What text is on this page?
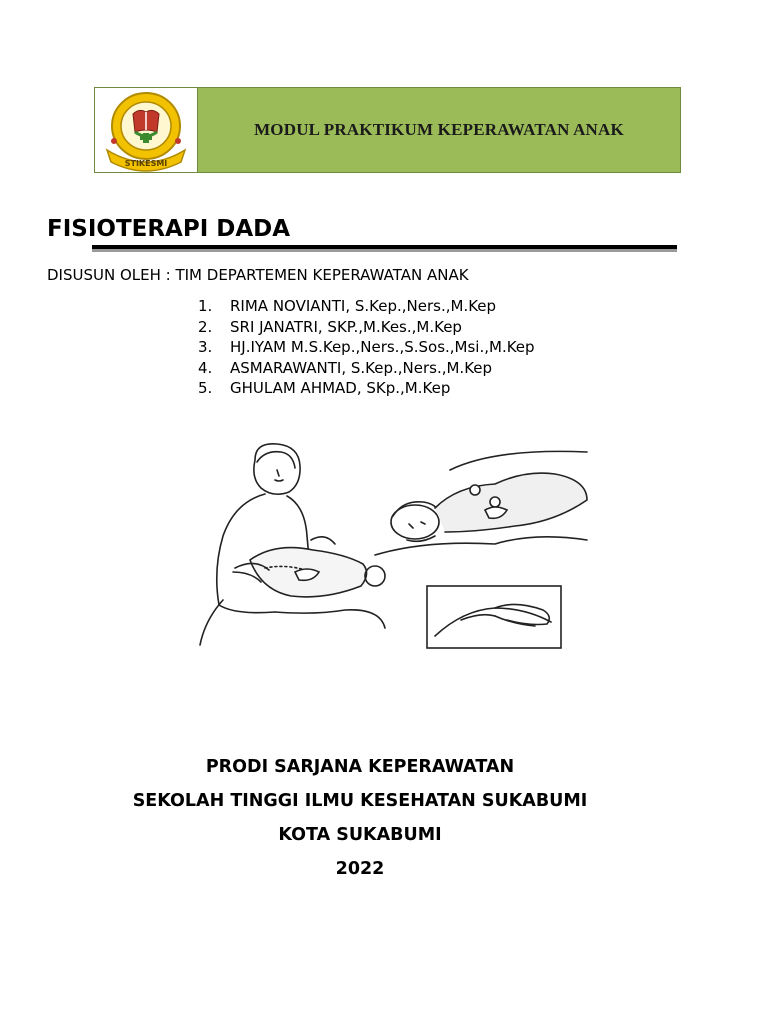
STIKESMI
MODUL PRAKTIKUM KEPERAWATAN ANAK
FISIOTERAPI DADA
DISUSUN OLEH : TIM DEPARTEMEN KEPERAWATAN ANAK
1. RIMA NOVIANTI, S.Kep.,Ners.,M.Kep
2. SRI JANATRI, SKP.,M.Kes.,M.Kep
3. HJ.IYAM M.S.Kep.,Ners.,S.Sos.,Msi.,M.Kep
4. ASMARAWANTI, S.Kep.,Ners.,M.Kep
5. GHULAM AHMAD, SKp.,M.Kep
PRODI SARJANA KEPERAWATAN
SEKOLAH TINGGI ILMU KESEHATAN SUKABUMI
KOTA SUKABUMI
2022
